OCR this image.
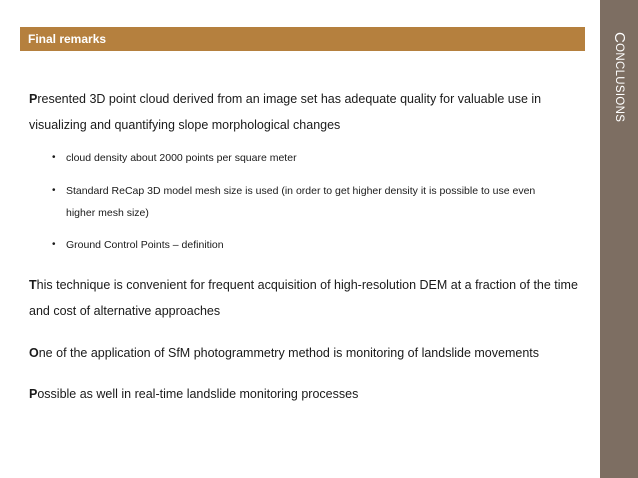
CONCLUSIONS
Final remarks
Presented 3D point cloud derived from an image set has adequate quality for valuable use in visualizing and quantifying slope morphological changes
• cloud density about 2000 points per square meter
• Standard ReCap 3D model mesh size is used (in order to get higher density it is possible to use even higher mesh size)
• Ground Control Points – definition
This technique is convenient for frequent acquisition of high-resolution DEM at a fraction of the time and cost of alternative approaches
One of the application of SfM photogrammetry method is monitoring of landslide movements
Possible as well in real-time landslide monitoring processes
